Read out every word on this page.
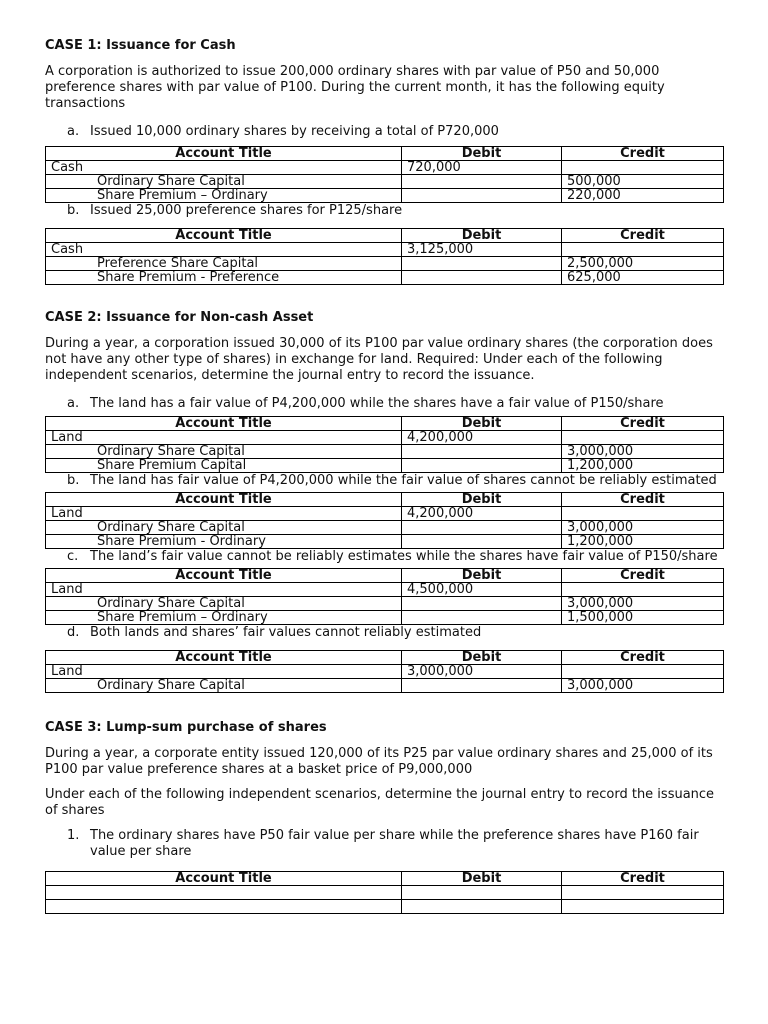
CASE 1: Issuance for Cash

A corporation is authorized to issue 200,000 ordinary shares with par value of P50 and 50,000 preference shares with par value of P100. During the current month, it has the following equity transactions

a. Issued 10,000 ordinary shares by receiving a total of P720,000
Account Title	Debit	Credit
Cash	720,000	
Ordinary Share Capital		500,000
Share Premium – Ordinary		220,000
b. Issued 25,000 preference shares for P125/share
Account Title	Debit	Credit
Cash	3,125,000	
Preference Share Capital		2,500,000
Share Premium - Preference		625,000
CASE 2: Issuance for Non-cash Asset

During a year, a corporation issued 30,000 of its P100 par value ordinary shares (the corporation does not have any other type of shares) in exchange for land. Required: Under each of the following independent scenarios, determine the journal entry to record the issuance.

a. The land has a fair value of P4,200,000 while the shares have a fair value of P150/share
Account Title	Debit	Credit
Land	4,200,000	
Ordinary Share Capital		3,000,000
Share Premium Capital		1,200,000
b. The land has fair value of P4,200,000 while the fair value of shares cannot be reliably estimated
Account Title	Debit	Credit
Land	4,200,000	
Ordinary Share Capital		3,000,000
Share Premium - Ordinary		1,200,000
c. The land’s fair value cannot be reliably estimates while the shares have fair value of P150/share
Account Title	Debit	Credit
Land	4,500,000	
Ordinary Share Capital		3,000,000
Share Premium – Ordinary		1,500,000
d. Both lands and shares’ fair values cannot reliably estimated
Account Title	Debit	Credit
Land	3,000,000	
Ordinary Share Capital		3,000,000
CASE 3: Lump-sum purchase of shares

During a year, a corporate entity issued 120,000 of its P25 par value ordinary shares and 25,000 of its P100 par value preference shares at a basket price of P9,000,000

Under each of the following independent scenarios, determine the journal entry to record the issuance of shares

1. The ordinary shares have P50 fair value per share while the preference shares have P160 fair value per share
Account Title	Debit	Credit
